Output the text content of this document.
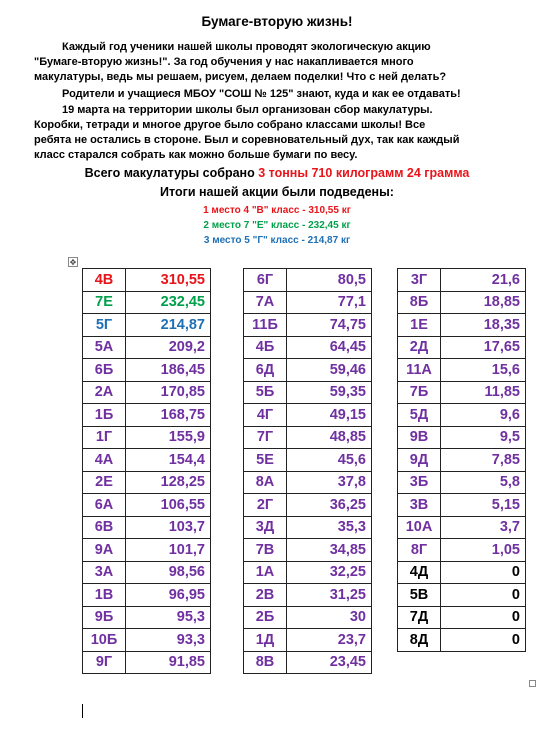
Бумаге-вторую жизнь!
Каждый год ученики нашей школы проводят экологическую акцию
"Бумаге-вторую жизнь!". За год обучения у нас накапливается много
макулатуры, ведь мы решаем, рисуем, делаем поделки! Что с ней делать?
Родители и учащиеся МБОУ "СОШ № 125" знают, куда и как ее отдавать!
19 марта на территории школы был организован сбор макулатуры.
Коробки, тетради и многое другое было собрано классами школы! Все
ребята не остались в стороне. Был и соревновательный дух, так как каждый
класс старался собрать как можно больше бумаги по весу.
Всего макулатуры собрано 3 тонны 710 килограмм 24 грамма
Итоги нашей акции были подведены:
1 место 4 "В" класс - 310,55 кг
2 место 7 "Е" класс - 232,45 кг
3 место 5 "Г" класс - 214,87 кг
✥
4В	310,55
7Е	232,45
5Г	214,87
5А	209,2
6Б	186,45
2А	170,85
1Б	168,75
1Г	155,9
4А	154,4
2Е	128,25
6А	106,55
6В	103,7
9А	101,7
3А	98,56
1В	96,95
9Б	95,3
10Б	93,3
9Г	91,85
6Г	80,5
7А	77,1
11Б	74,75
4Б	64,45
6Д	59,46
5Б	59,35
4Г	49,15
7Г	48,85
5Е	45,6
8А	37,8
2Г	36,25
3Д	35,3
7В	34,85
1А	32,25
2В	31,25
2Б	30
1Д	23,7
8В	23,45
3Г	21,6
8Б	18,85
1Е	18,35
2Д	17,65
11А	15,6
7Б	11,85
5Д	9,6
9В	9,5
9Д	7,85
3Б	5,8
3В	5,15
10А	3,7
8Г	1,05
4Д	0
5В	0
7Д	0
8Д	0
